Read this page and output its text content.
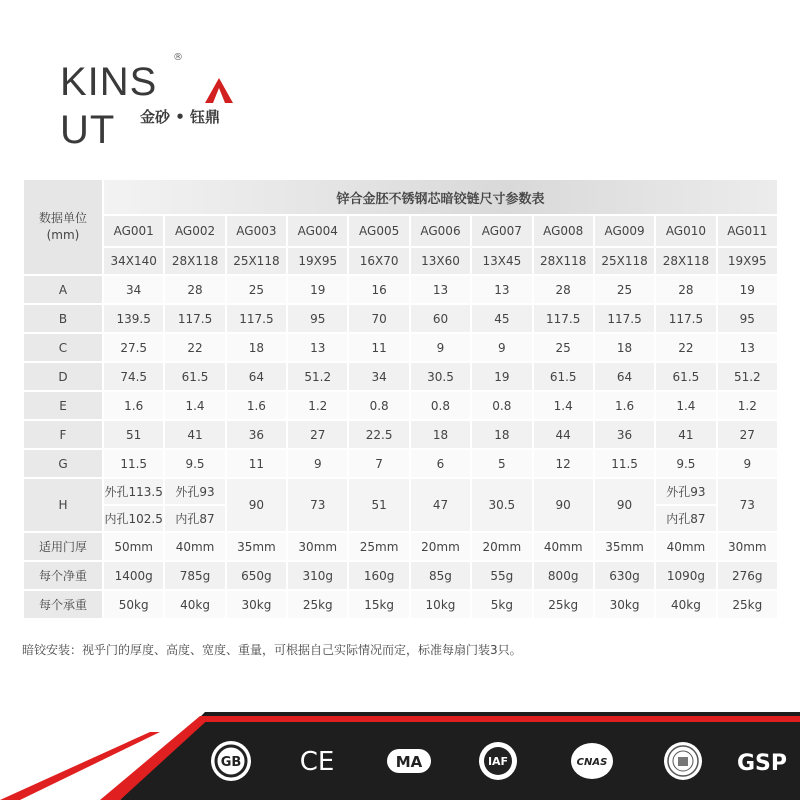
KINSUT
®
金砂 • 钰鼎
数据单位
(mm)	锌合金胚不锈钢芯暗铰链尺寸参数表										
	AG001	AG002	AG003	AG004	AG005	AG006	AG007	AG008	AG009	AG010	AG011
	34X140	28X118	25X118	19X95	16X70	13X60	13X45	28X118	25X118	28X118	19X95
A	34	28	25	19	16	13	13	28	25	28	19
B	139.5	117.5	117.5	95	70	60	45	117.5	117.5	117.5	95
C	27.5	22	18	13	11	9	9	25	18	22	13
D	74.5	61.5	64	51.2	34	30.5	19	61.5	64	61.5	51.2
E	1.6	1.4	1.6	1.2	0.8	0.8	0.8	1.4	1.6	1.4	1.2
F	51	41	36	27	22.5	18	18	44	36	41	27
G	11.5	9.5	11	9	7	6	5	12	11.5	9.5	9
H	外孔113.5	外孔93	90	73	51	47	30.5	90	90	外孔93	73
	内孔102.5	内孔87								内孔87	
适用门厚	50mm	40mm	35mm	30mm	25mm	20mm	20mm	40mm	35mm	40mm	30mm
每个净重	1400g	785g	650g	310g	160g	85g	55g	800g	630g	1090g	276g
每个承重	50kg	40kg	30kg	25kg	15kg	10kg	5kg	25kg	30kg	40kg	25kg
暗铰安装：视乎门的厚度、高度、宽度、重量，可根据自己实际情况而定，标准每扇门装3只。
GB CE	MA	IAF	CNAS	GSP
